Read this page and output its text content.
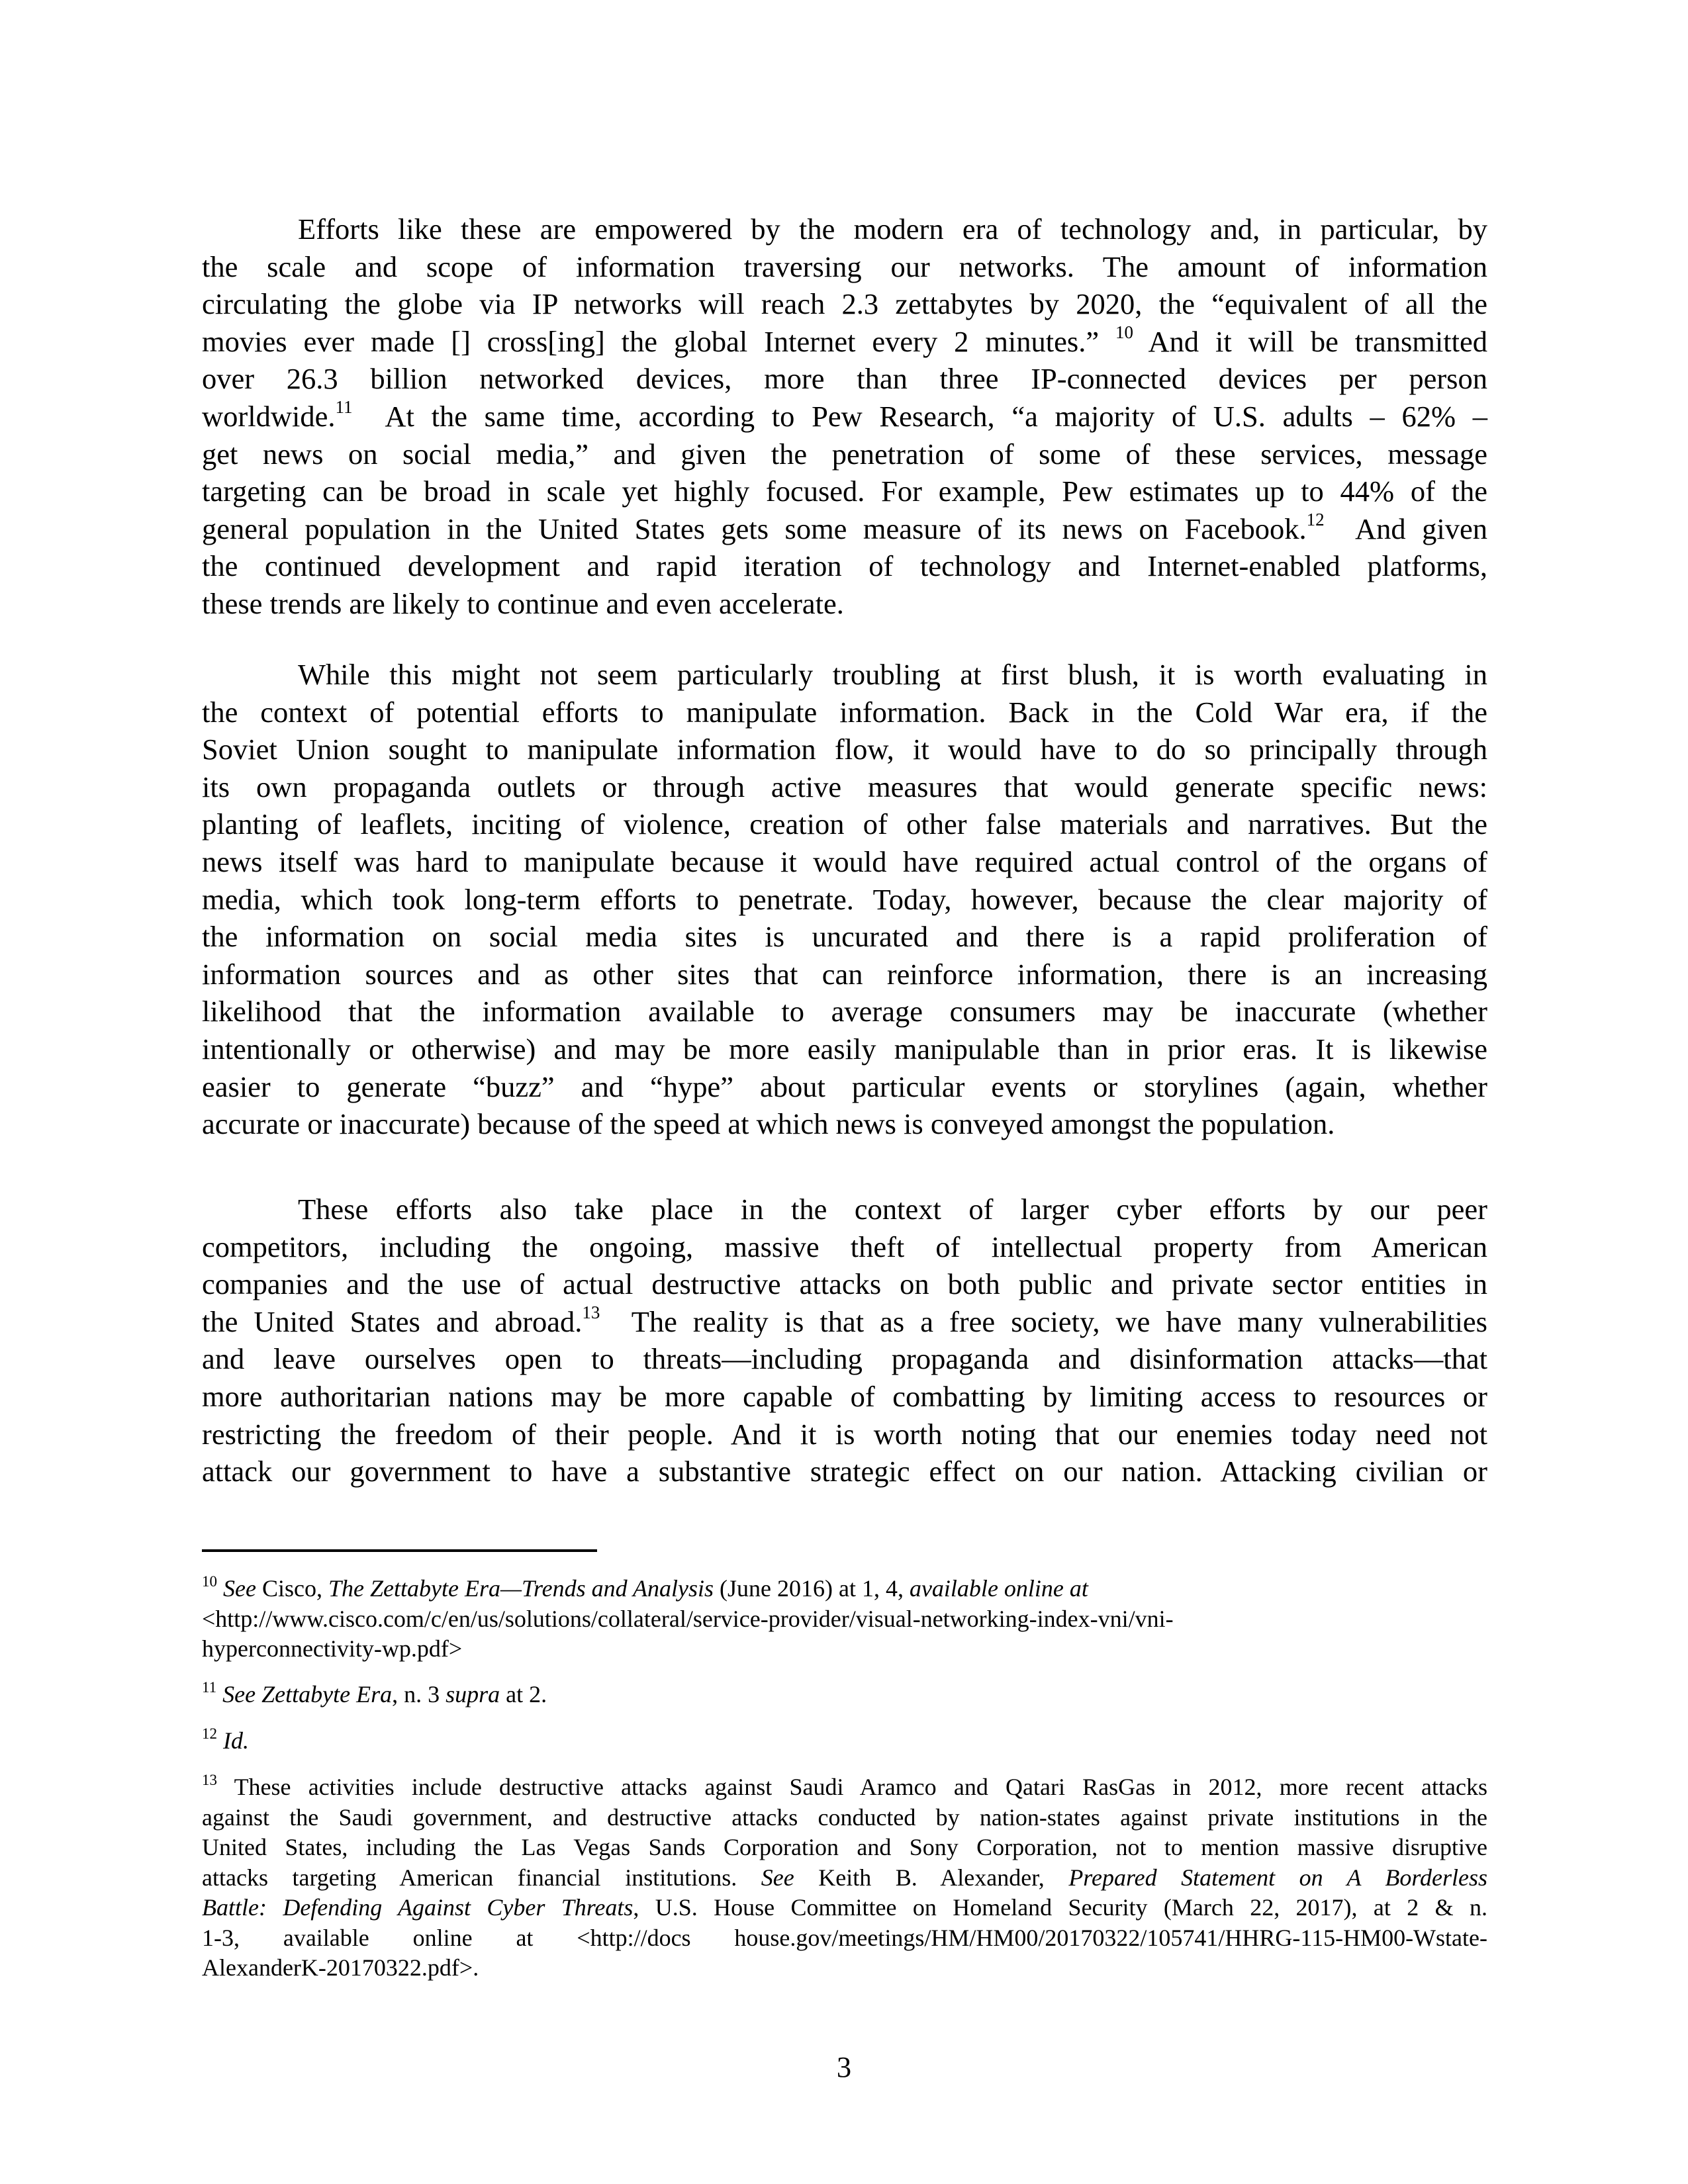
Efforts like these are empowered by the modern era of technology and, in particular, by
the scale and scope of information traversing our networks. The amount of information
circulating the globe via IP networks will reach 2.3 zettabytes by 2020, the “equivalent of all the
movies ever made [] cross[ing] the global Internet every 2 minutes.” $^{10}$ And it will be transmitted
over 26.3 billion networked devices, more than three IP-connected devices per person
worldwide.$^{11}$ At the same time, according to Pew Research, “a majority of U.S. adults – 62% –
get news on social media,” and given the penetration of some of these services, message
targeting can be broad in scale yet highly focused. For example, Pew estimates up to 44% of the
general population in the United States gets some measure of its news on Facebook.$^{12}$ And given
the continued development and rapid iteration of technology and Internet-enabled platforms,
these trends are likely to continue and even accelerate.
While this might not seem particularly troubling at first blush, it is worth evaluating in
the context of potential efforts to manipulate information. Back in the Cold War era, if the
Soviet Union sought to manipulate information flow, it would have to do so principally through
its own propaganda outlets or through active measures that would generate specific news:
planting of leaflets, inciting of violence, creation of other false materials and narratives. But the
news itself was hard to manipulate because it would have required actual control of the organs of
media, which took long-term efforts to penetrate. Today, however, because the clear majority of
the information on social media sites is uncurated and there is a rapid proliferation of
information sources and as other sites that can reinforce information, there is an increasing
likelihood that the information available to average consumers may be inaccurate (whether
intentionally or otherwise) and may be more easily manipulable than in prior eras. It is likewise
easier to generate “buzz” and “hype” about particular events or storylines (again, whether
accurate or inaccurate) because of the speed at which news is conveyed amongst the population.
These efforts also take place in the context of larger cyber efforts by our peer
competitors, including the ongoing, massive theft of intellectual property from American
companies and the use of actual destructive attacks on both public and private sector entities in
the United States and abroad.$^{13}$ The reality is that as a free society, we have many vulnerabilities
and leave ourselves open to threats—including propaganda and disinformation attacks—that
more authoritarian nations may be more capable of combatting by limiting access to resources or
restricting the freedom of their people. And it is worth noting that our enemies today need not
attack our government to have a substantive strategic effect on our nation. Attacking civilian or
$^{10}$ See Cisco, The Zettabyte Era—Trends and Analysis (June 2016) at 1, 4, available online at
<http://www.cisco.com/c/en/us/solutions/collateral/service-provider/visual-networking-index-vni/vni-
hyperconnectivity-wp.pdf>
$^{11}$ See Zettabyte Era, n. 3 supra at 2.
$^{12}$ Id.
$^{13}$ These activities include destructive attacks against Saudi Aramco and Qatari RasGas in 2012, more recent attacks
against the Saudi government, and destructive attacks conducted by nation-states against private institutions in the
United States, including the Las Vegas Sands Corporation and Sony Corporation, not to mention massive disruptive
attacks targeting American financial institutions. See Keith B. Alexander, Prepared Statement on A Borderless
Battle: Defending Against Cyber Threats, U.S. House Committee on Homeland Security (March 22, 2017), at 2 & n.
1-3, available online at <http://docs house.gov/meetings/HM/HM00/20170322/105741/HHRG-115-HM00-Wstate-
AlexanderK-20170322.pdf>.
3
